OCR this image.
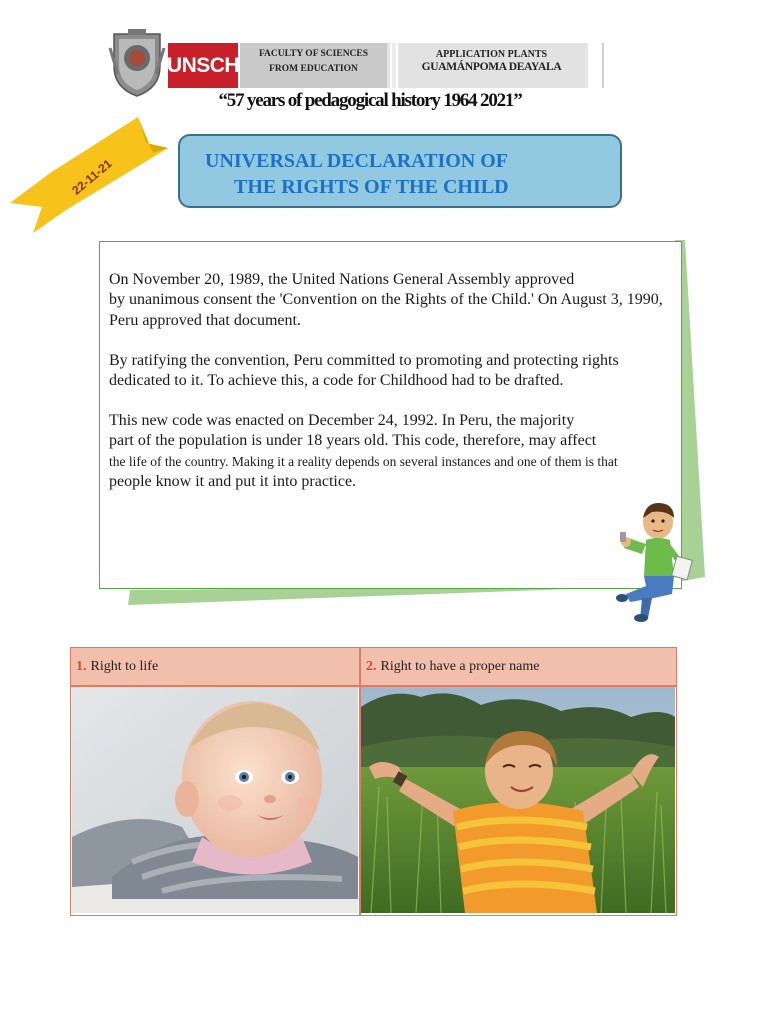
UNSCH	FACULTY OF SCIENCES
FROM EDUCATION
APPLICATION PLANTS
GUAMÁNPOMA DEAYALA
“57 years of pedagogical history 1964 2021”
22-11-21	UNIVERSAL DECLARATION OF
THE RIGHTS OF THE CHILD
On November 20, 1989, the United Nations General Assembly approved
by unanimous consent the 'Convention on the Rights of the Child.' On August 3, 1990,
Peru approved that document.
By ratifying the convention, Peru committed to promoting and protecting rights
dedicated to it. To achieve this, a code for Childhood had to be drafted.
This new code was enacted on December 24, 1992. In Peru, the majority
part of the population is under 18 years old. This code, therefore, may affect
the life of the country. Making it a reality depends on several instances and one of them is that
people know it and put it into practice.
1. Right to life	2. Right to have a proper name
